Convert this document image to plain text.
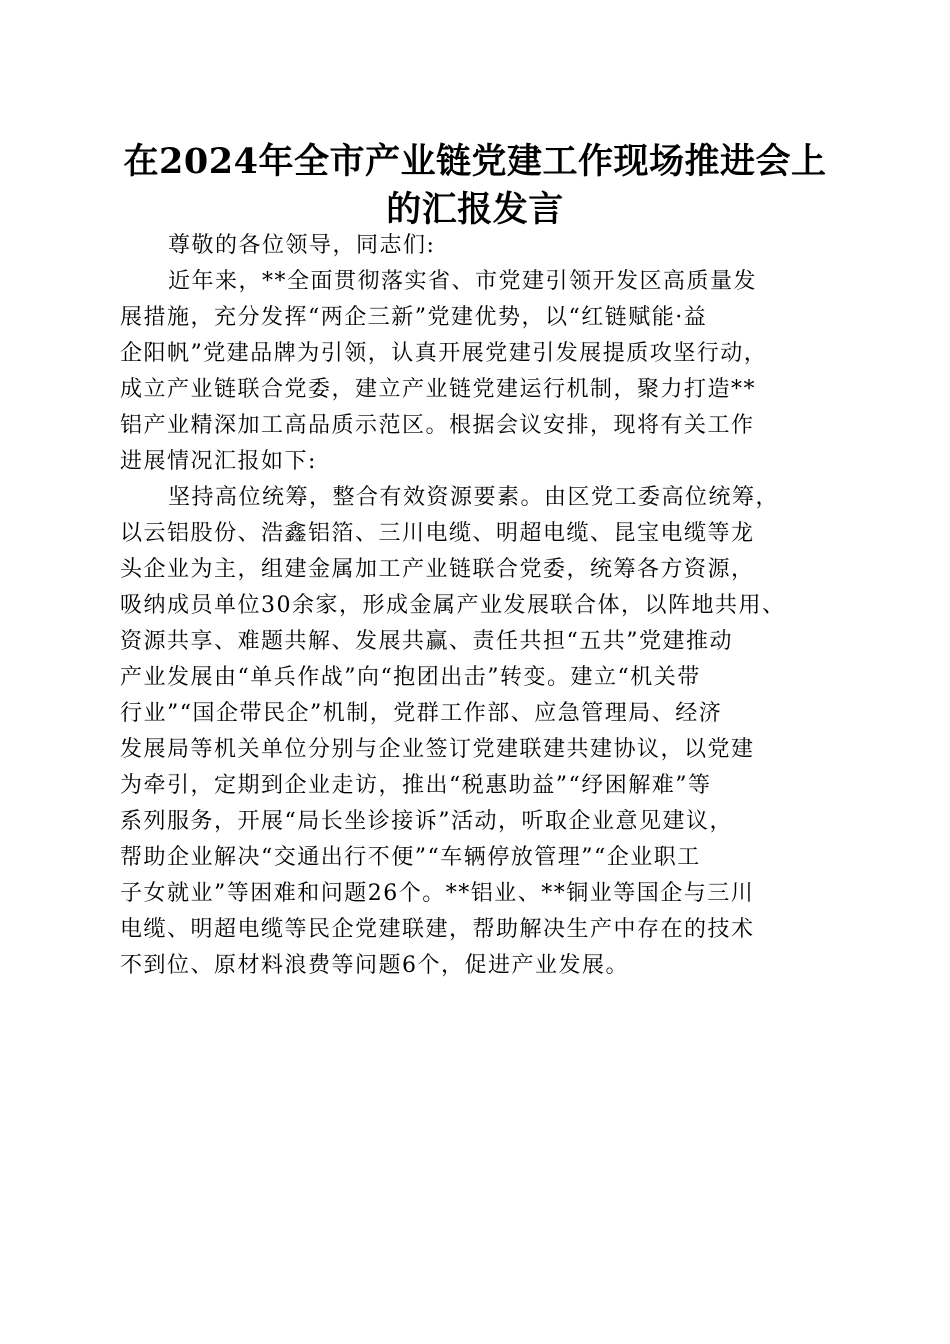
在2024年全市产业链党建工作现场推进会上
的汇报发言

尊敬的各位领导，同志们:

近年来，**全面贯彻落实省、市党建引领开发区高质量发
展措施，充分发挥“两企三新”党建优势，以“红链赋能·益
企阳帆”党建品牌为引领，认真开展党建引发展提质攻坚行动，
成立产业链联合党委，建立产业链党建运行机制，聚力打造**
铝产业精深加工高品质示范区。根据会议安排，现将有关工作
进展情况汇报如下:

坚持高位统筹，整合有效资源要素。由区党工委高位统筹，
以云铝股份、浩鑫铝箔、三川电缆、明超电缆、昆宝电缆等龙
头企业为主，组建金属加工产业链联合党委，统筹各方资源，
吸纳成员单位30余家，形成金属产业发展联合体，以阵地共用、
资源共享、难题共解、发展共赢、责任共担“五共”党建推动
产业发展由“单兵作战”向“抱团出击”转变。建立“机关带
行业”“国企带民企”机制，党群工作部、应急管理局、经济
发展局等机关单位分别与企业签订党建联建共建协议，以党建
为牵引，定期到企业走访，推出“税惠助益”“纾困解难”等
系列服务，开展“局长坐诊接诉”活动，听取企业意见建议，
帮助企业解决“交通出行不便”“车辆停放管理”“企业职工
子女就业”等困难和问题26个。**铝业、**铜业等国企与三川
电缆、明超电缆等民企党建联建，帮助解决生产中存在的技术
不到位、原材料浪费等问题6个，促进产业发展。
